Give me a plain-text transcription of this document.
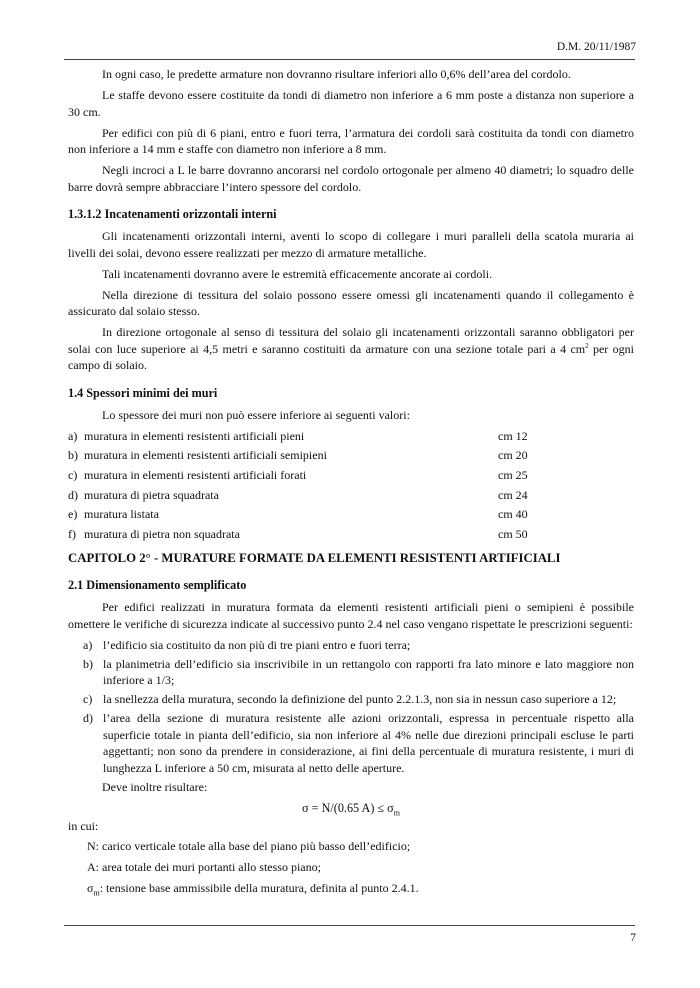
D.M. 20/11/1987

In ogni caso, le predette armature non dovranno risultare inferiori allo 0,6% dell’area del cordolo.

Le staffe devono essere costituite da tondi di diametro non inferiore a 6 mm poste a distanza non superiore a 30 cm.

Per edifici con più di 6 piani, entro e fuori terra, l’armatura dei cordoli sarà costituita da tondi con diametro non inferiore a 14 mm e staffe con diametro non inferiore a 8 mm.

Negli incroci a L le barre dovranno ancorarsi nel cordolo ortogonale per almeno 40 diametri; lo squadro delle barre dovrà sempre abbracciare l’intero spessore del cordolo.

1.3.1.2 Incatenamenti orizzontali interni

Gli incatenamenti orizzontali interni, aventi lo scopo di collegare i muri paralleli della scatola muraria ai livelli dei solai, devono essere realizzati per mezzo di armature metalliche.

Tali incatenamenti dovranno avere le estremità efficacemente ancorate ai cordoli.

Nella direzione di tessitura del solaio possono essere omessi gli incatenamenti quando il collegamento è assicurato dal solaio stesso.

In direzione ortogonale al senso di tessitura del solaio gli incatenamenti orizzontali saranno obbligatori per solai con luce superiore ai 4,5 metri e saranno costituiti da armature con una sezione totale pari a 4 $cm^2$ per ogni campo di solaio.

1.4 Spessori minimi dei muri

Lo spessore dei muri non può essere inferiore ai seguenti valori:

a) muratura in elementi resistenti artificiali pieni	cm 12
b) muratura in elementi resistenti artificiali semipieni	cm 20
c) muratura in elementi resistenti artificiali forati	cm 25
d) muratura di pietra squadrata	cm 24
e) muratura listata	cm 40
f) muratura di pietra non squadrata	cm 50
CAPITOLO 2° - MURATURE FORMATE DA ELEMENTI RESISTENTI ARTIFICIALI
2.1 Dimensionamento semplificato

Per edifici realizzati in muratura formata da elementi resistenti artificiali pieni o semipieni è possibile omettere le verifiche di sicurezza indicate al successivo punto 2.4 nel caso vengano rispettate le prescrizioni seguenti:

a) l’edificio sia costituito da non più di tre piani entro e fuori terra;

b) la planimetria dell’edificio sia inscrivibile in un rettangolo con rapporti fra lato minore e lato maggiore non inferiore a 1/3;

c) la snellezza della muratura, secondo la definizione del punto 2.2.1.3, non sia in nessun caso superiore a 12;

d) l’area della sezione di muratura resistente alle azioni orizzontali, espressa in percentuale rispetto alla superficie totale in pianta dell’edificio, sia non inferiore al 4% nelle due direzioni principali escluse le parti aggettanti; non sono da prendere in considerazione, ai fini della percentuale di muratura resistente, i muri di lunghezza L inferiore a 50 cm, misurata al netto delle aperture.

Deve inoltre risultare:

σ = N/(0.65 $A) \le \sigma_m$

in cui:

N: carico verticale totale alla base del piano più basso dell’edificio;

A: area totale dei muri portanti allo stesso piano;

$\sigma_m$: tensione base ammissibile della muratura, definita al punto 2.4.1.

7
